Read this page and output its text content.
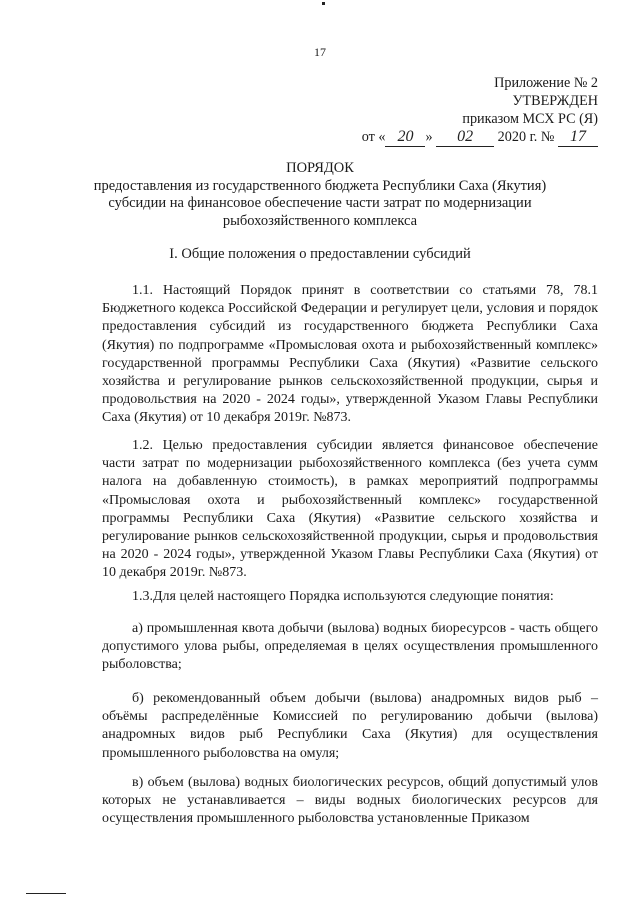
17
Приложение № 2
УТВЕРЖДЕН
приказом МСХ РС (Я)
от « 20 » 02 2020 г. № 17
ПОРЯДОК
предоставления из государственного бюджета Республики Саха (Якутия)
субсидии на финансовое обеспечение части затрат по модернизации
рыбохозяйственного комплекса
I. Общие положения о предоставлении субсидий

1.1. Настоящий Порядок принят в соответствии со статьями 78, 78.1 Бюджетного кодекса Российской Федерации и регулирует цели, условия и порядок предоставления субсидий из государственного бюджета Республики Саха (Якутия) по подпрограмме «Промысловая охота и рыбохозяйственный комплекс» государственной программы Республики Саха (Якутия) «Развитие сельского хозяйства и регулирование рынков сельскохозяйственной продукции, сырья и продовольствия на 2020 - 2024 годы», утвержденной Указом Главы Республики Саха (Якутия) от 10 декабря 2019г. №873.

1.2. Целью предоставления субсидии является финансовое обеспечение части затрат по модернизации рыбохозяйственного комплекса (без учета сумм налога на добавленную стоимость), в рамках мероприятий подпрограммы «Промысловая охота и рыбохозяйственный комплекс» государственной программы Республики Саха (Якутия) «Развитие сельского хозяйства и регулирование рынков сельскохозяйственной продукции, сырья и продовольствия на 2020 - 2024 годы», утвержденной Указом Главы Республики Саха (Якутия) от 10 декабря 2019г. №873.

1.3.Для целей настоящего Порядка используются следующие понятия:

а) промышленная квота добычи (вылова) водных биоресурсов - часть общего допустимого улова рыбы, определяемая в целях осуществления промышленного рыболовства;

б) рекомендованный объем добычи (вылова) анадромных видов рыб – объёмы распределённые Комиссией по регулированию добычи (вылова) анадромных видов рыб Республики Саха (Якутия) для осуществления промышленного рыболовства на омуля;

в) объем (вылова) водных биологических ресурсов, общий допустимый улов которых не устанавливается – виды водных биологических ресурсов для осуществления промышленного рыболовства установленные Приказом
